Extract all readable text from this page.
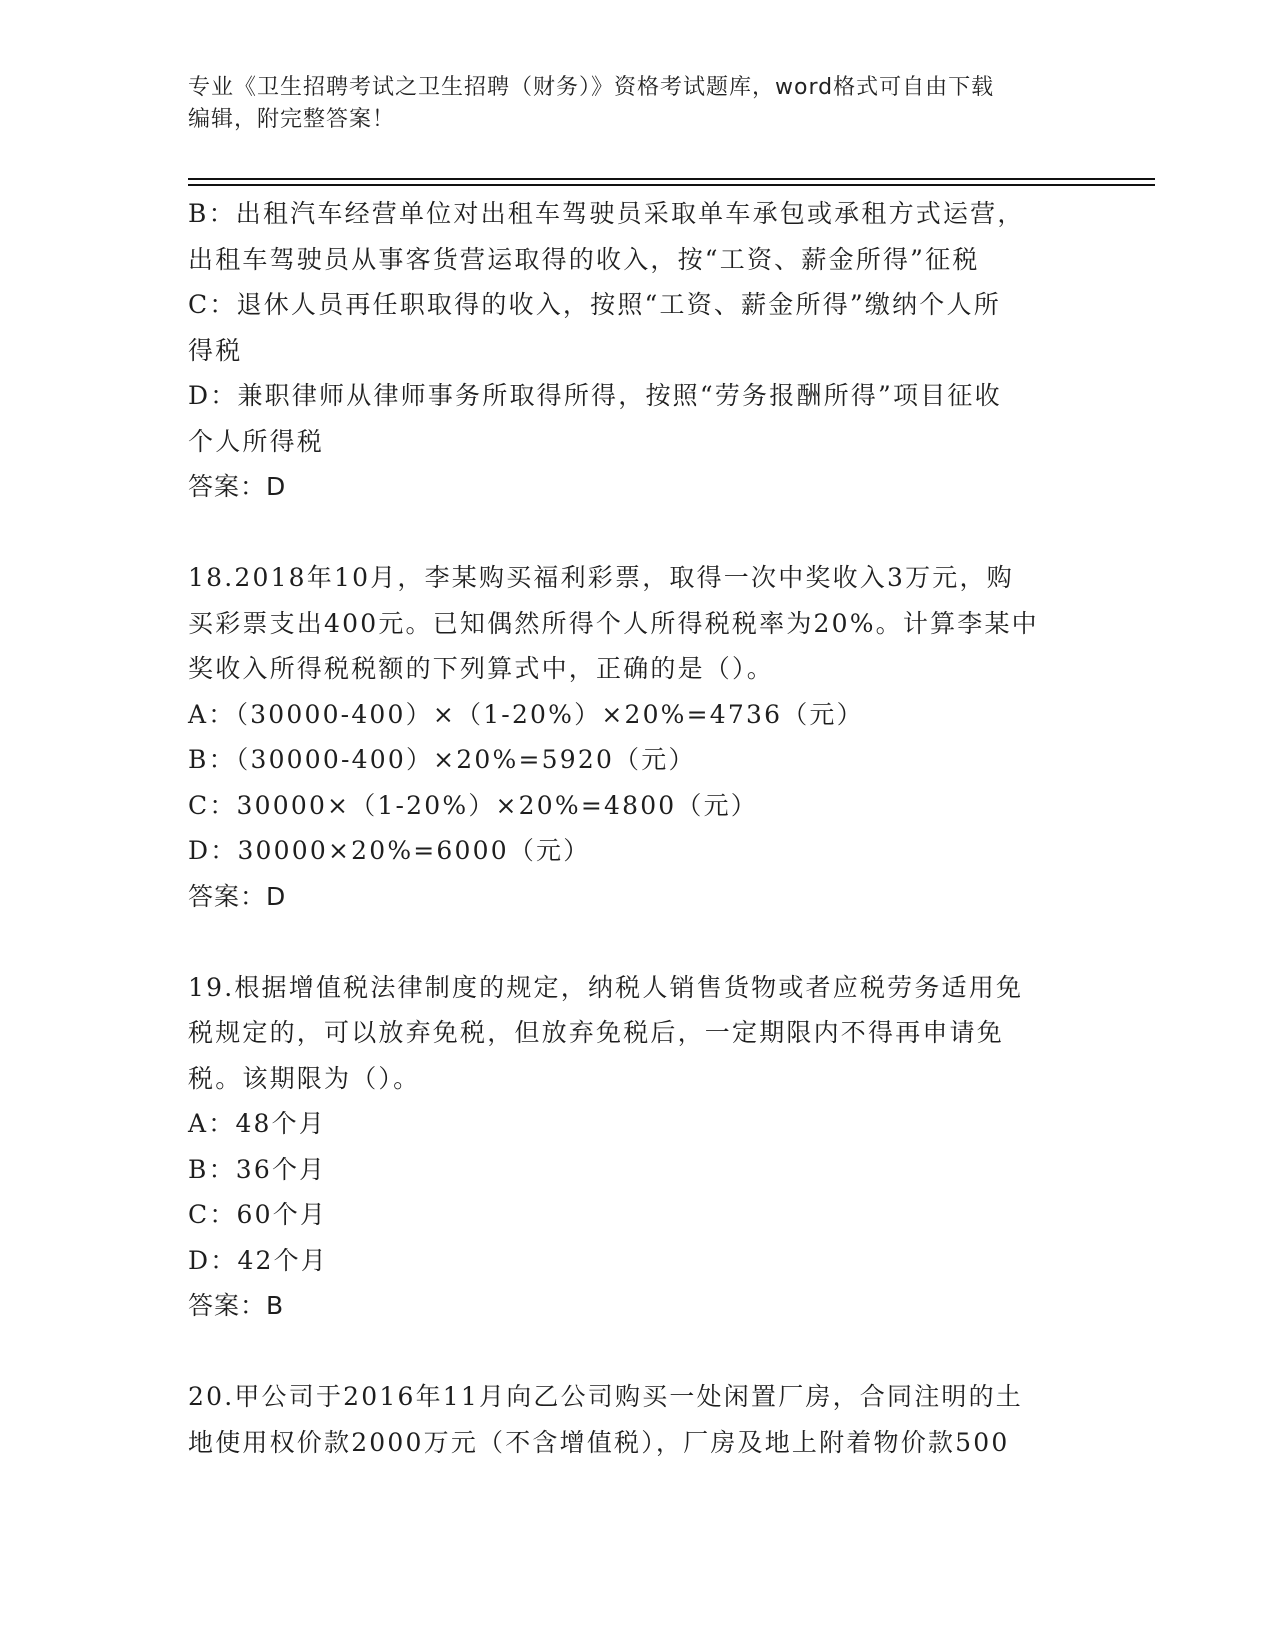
专业《卫生招聘考试之卫生招聘（财务）》资格考试题库，word格式可自由下载
编辑，附完整答案！
B：出租汽车经营单位对出租车驾驶员采取单车承包或承租方式运营，
出租车驾驶员从事客货营运取得的收入，按“工资、薪金所得”征税
C：退休人员再任职取得的收入，按照“工资、薪金所得”缴纳个人所
得税
D：兼职律师从律师事务所取得所得，按照“劳务报酬所得”项目征收
个人所得税
答案：D
18.2018年10月，李某购买福利彩票，取得一次中奖收入3万元，购
买彩票支出400元。已知偶然所得个人所得税税率为20%。计算李某中
奖收入所得税税额的下列算式中，正确的是（）。
A：（30000-400）×（1-20%）×20%=4736（元）
B：（30000-400）×20%=5920（元）
C：30000×（1-20%）×20%=4800（元）
D：30000×20%=6000（元）
答案：D
19.根据增值税法律制度的规定，纳税人销售货物或者应税劳务适用免
税规定的，可以放弃免税，但放弃免税后，一定期限内不得再申请免
税。该期限为（）。
A：48个月
B：36个月
C：60个月
D：42个月
答案：B
20.甲公司于2016年11月向乙公司购买一处闲置厂房，合同注明的土
地使用权价款2000万元（不含增值税），厂房及地上附着物价款500
